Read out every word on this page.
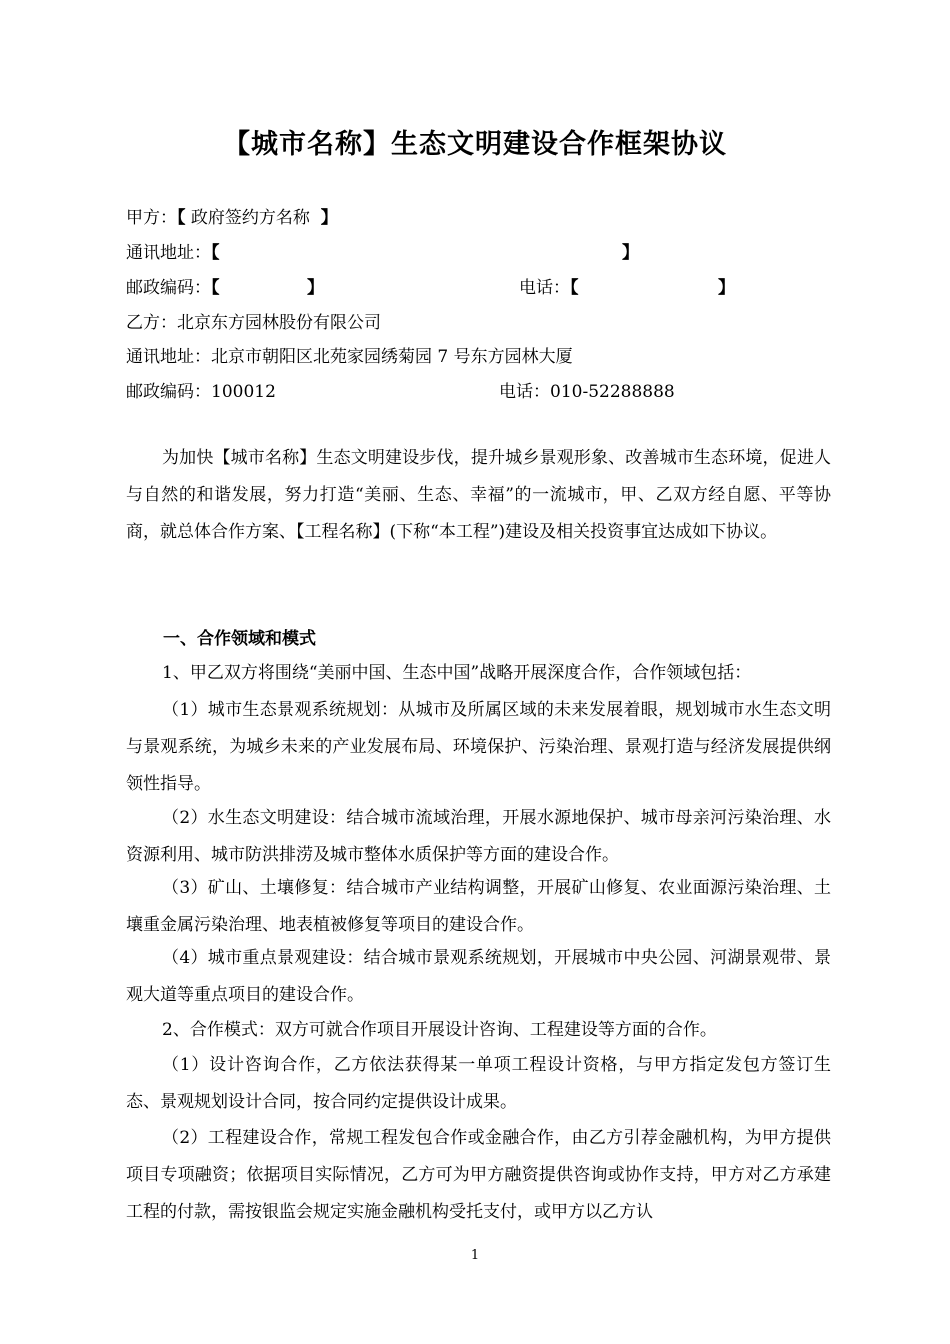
【城市名称】生态文明建设合作框架协议
甲方：【 政府签约方名称 】
通讯地址：【	】
邮政编码：【	】	电话：【	】
乙方：北京东方园林股份有限公司
通讯地址：北京市朝阳区北苑家园绣菊园 7 号东方园林大厦
邮政编码：100012	电话：010-52288888
为加快【城市名称】生态文明建设步伐，提升城乡景观形象、改善城市生态环境，促进人与自然的和谐发展，努力打造“美丽、生态、幸福”的一流城市，甲、乙双方经自愿、平等协商，就总体合作方案、【工程名称】(下称“本工程”)建设及相关投资事宜达成如下协议。
一、合作领域和模式
1、甲乙双方将围绕“美丽中国、生态中国”战略开展深度合作，合作领域包括：
（1）城市生态景观系统规划：从城市及所属区域的未来发展着眼，规划城市水生态文明与景观系统，为城乡未来的产业发展布局、环境保护、污染治理、景观打造与经济发展提供纲领性指导。
（2）水生态文明建设：结合城市流域治理，开展水源地保护、城市母亲河污染治理、水资源利用、城市防洪排涝及城市整体水质保护等方面的建设合作。
（3）矿山、土壤修复：结合城市产业结构调整，开展矿山修复、农业面源污染治理、土壤重金属污染治理、地表植被修复等项目的建设合作。
（4）城市重点景观建设：结合城市景观系统规划，开展城市中央公园、河湖景观带、景观大道等重点项目的建设合作。
2、合作模式：双方可就合作项目开展设计咨询、工程建设等方面的合作。
（1）设计咨询合作，乙方依法获得某一单项工程设计资格，与甲方指定发包方签订生态、景观规划设计合同，按合同约定提供设计成果。
（2）工程建设合作，常规工程发包合作或金融合作，由乙方引荐金融机构，为甲方提供项目专项融资；依据项目实际情况，乙方可为甲方融资提供咨询或协作支持，甲方对乙方承建工程的付款，需按银监会规定实施金融机构受托支付，或甲方以乙方认
1
